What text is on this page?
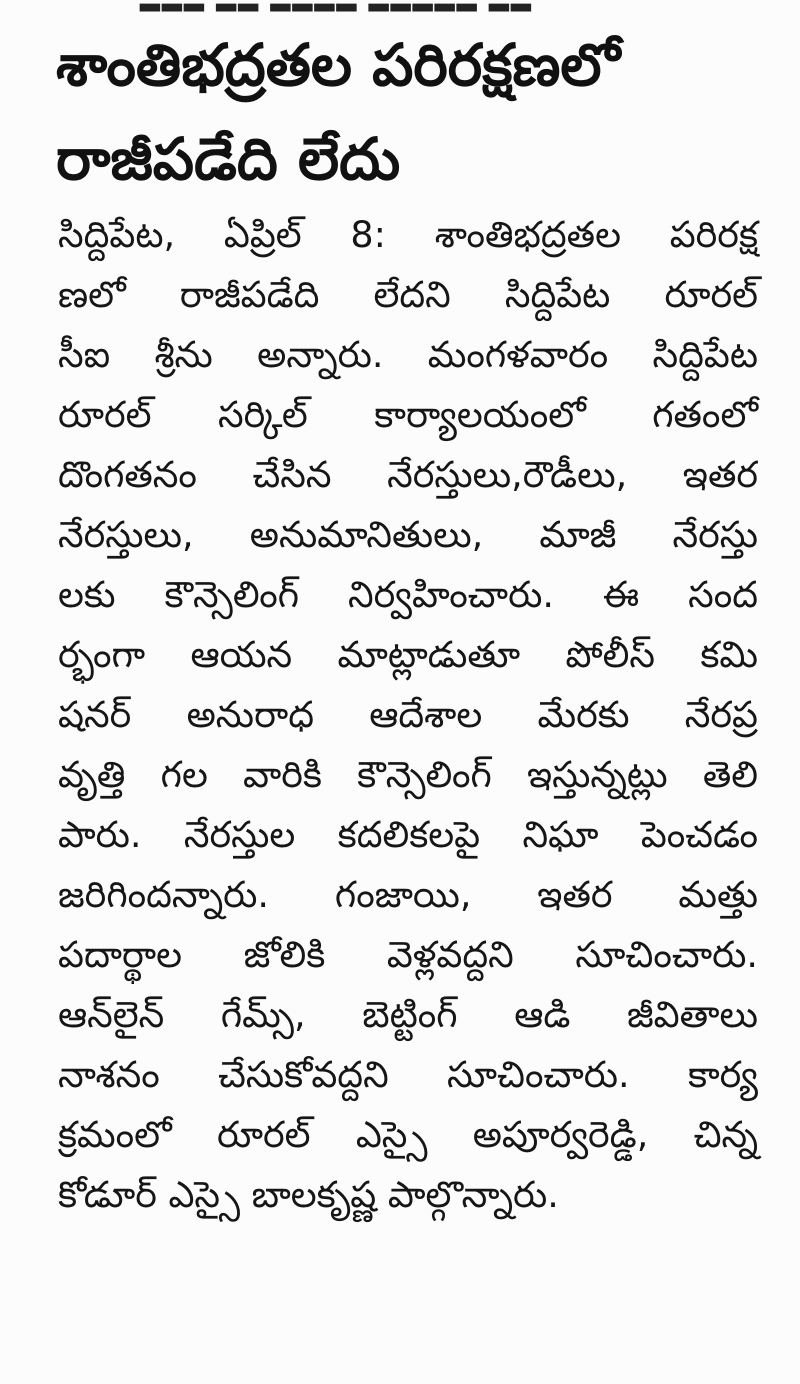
శాంతిభద్రతల పరిరక్షణలో
రాజీపడేది లేదు
సిద్దిపేట, ఏప్రిల్ 8: శాంతిభద్రతల పరిరక్ష
ణలో రాజీపడేది లేదని సిద్దిపేట రూరల్
సీఐ శ్రీను అన్నారు. మంగళవారం సిద్దిపేట
రూరల్ సర్కిల్ కార్యాలయంలో గతంలో
దొంగతనం చేసిన నేరస్తులు,రౌడీలు, ఇతర
నేరస్తులు, అనుమానితులు, మాజీ నేరస్తు
లకు కౌన్సెలింగ్ నిర్వహించారు. ఈ సంద
ర్భంగా ఆయన మాట్లాడుతూ పోలీస్ కమి
షనర్ అనురాధ ఆదేశాల మేరకు నేరప్ర
వృత్తి గల వారికి కౌన్సెలింగ్ ఇస్తున్నట్లు తెలి
పారు. నేరస్తుల కదలికలపై నిఘా పెంచడం
జరిగిందన్నారు. గంజాయి, ఇతర మత్తు
పదార్థాల జోలికి వెళ్లవద్దని సూచించారు.
ఆన్‌లైన్ గేమ్స్, బెట్టింగ్ ఆడి జీవితాలు
నాశనం చేసుకోవద్దని సూచించారు. కార్య
క్రమంలో రూరల్ ఎస్సై అపూర్వరెడ్డి, చిన్న
కోడూర్ ఎస్సై బాలకృష్ణ పాల్గొన్నారు.
